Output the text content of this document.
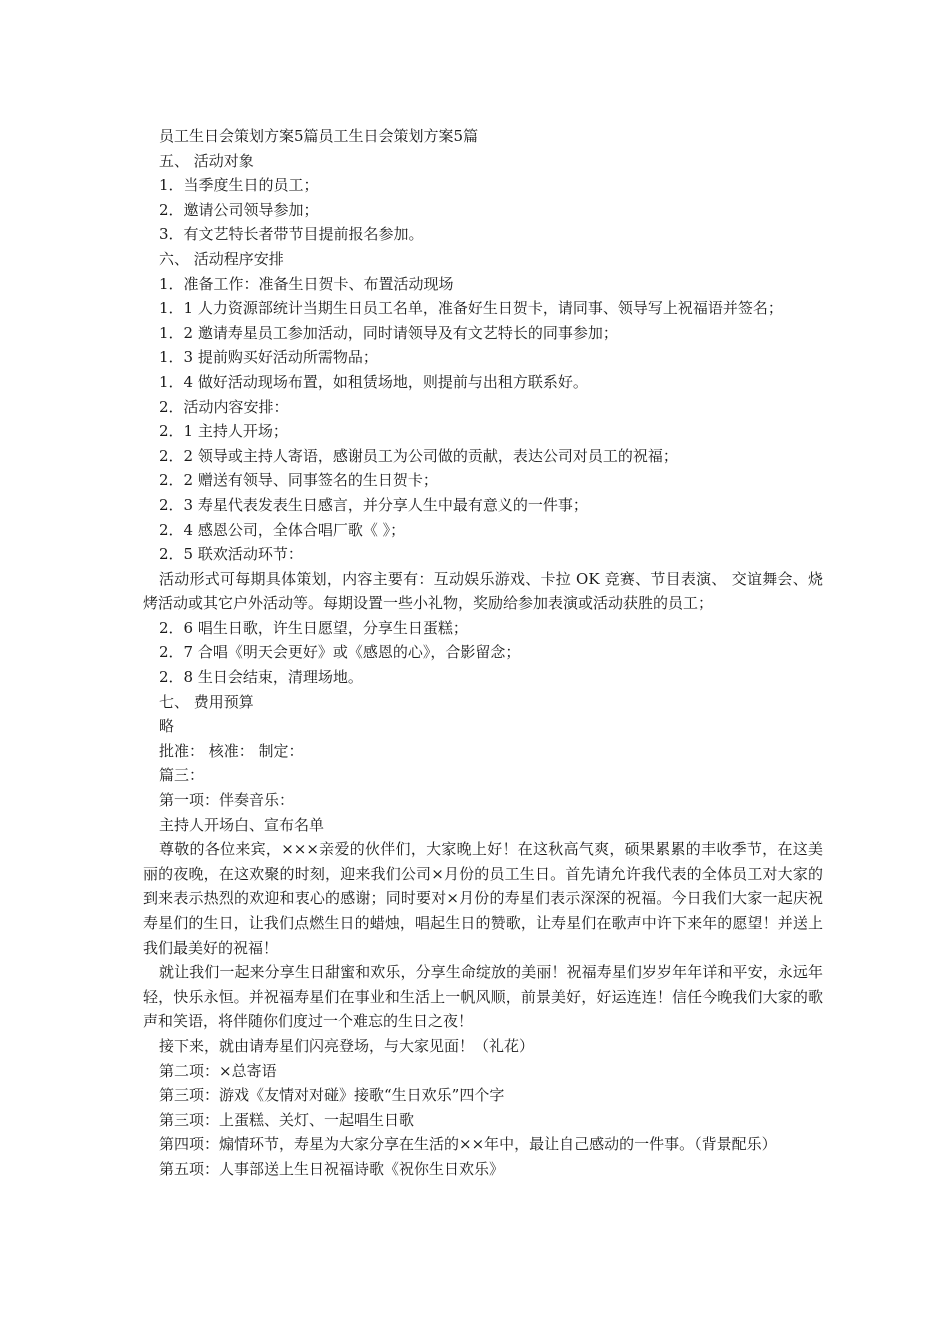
员工生日会策划方案5篇员工生日会策划方案5篇
五、 活动对象
1．当季度生日的员工；
2．邀请公司领导参加；
3．有文艺特长者带节目提前报名参加。
六、 活动程序安排
1．准备工作：准备生日贺卡、布置活动现场
1．1 人力资源部统计当期生日员工名单，准备好生日贺卡，请同事、领导写上祝福语并签名；
1．2 邀请寿星员工参加活动，同时请领导及有文艺特长的同事参加；
1．3 提前购买好活动所需物品；
1．4 做好活动现场布置，如租赁场地，则提前与出租方联系好。
2．活动内容安排：
2．1 主持人开场；
2．2 领导或主持人寄语，感谢员工为公司做的贡献，表达公司对员工的祝福；
2．2 赠送有领导、同事签名的生日贺卡；
2．3 寿星代表发表生日感言，并分享人生中最有意义的一件事；
2．4 感恩公司，全体合唱厂歌《 》；
2．5 联欢活动环节：
活动形式可每期具体策划，内容主要有：互动娱乐游戏、卡拉 OK 竞赛、节目表演、 交谊舞会、烧烤活动或其它户外活动等。每期设置一些小礼物，奖励给参加表演或活动获胜的员工；
2．6 唱生日歌，许生日愿望，分享生日蛋糕；
2．7 合唱《明天会更好》或《感恩的心》，合影留念；
2．8 生日会结束，清理场地。
七、 费用预算
略
批准： 核准： 制定：
篇三：
第一项：伴奏音乐：
主持人开场白、宣布名单
尊敬的各位来宾，×××亲爱的伙伴们，大家晚上好！在这秋高气爽，硕果累累的丰收季节，在这美丽的夜晚，在这欢聚的时刻，迎来我们公司×月份的员工生日。首先请允许我代表的全体员工对大家的到来表示热烈的欢迎和衷心的感谢；同时要对×月份的寿星们表示深深的祝福。今日我们大家一起庆祝寿星们的生日，让我们点燃生日的蜡烛，唱起生日的赞歌，让寿星们在歌声中许下来年的愿望！并送上我们最美好的祝福！
就让我们一起来分享生日甜蜜和欢乐，分享生命绽放的美丽！祝福寿星们岁岁年年详和平安，永远年轻，快乐永恒。并祝福寿星们在事业和生活上一帆风顺，前景美好，好运连连！信任今晚我们大家的歌声和笑语，将伴随你们度过一个难忘的生日之夜！
接下来，就由请寿星们闪亮登场，与大家见面！（礼花）
第二项：×总寄语
第三项：游戏《友情对对碰》接歌“生日欢乐”四个字
第三项：上蛋糕、关灯、一起唱生日歌
第四项：煽情环节，寿星为大家分享在生活的××年中，最让自己感动的一件事。（背景配乐）
第五项：人事部送上生日祝福诗歌《祝你生日欢乐》
